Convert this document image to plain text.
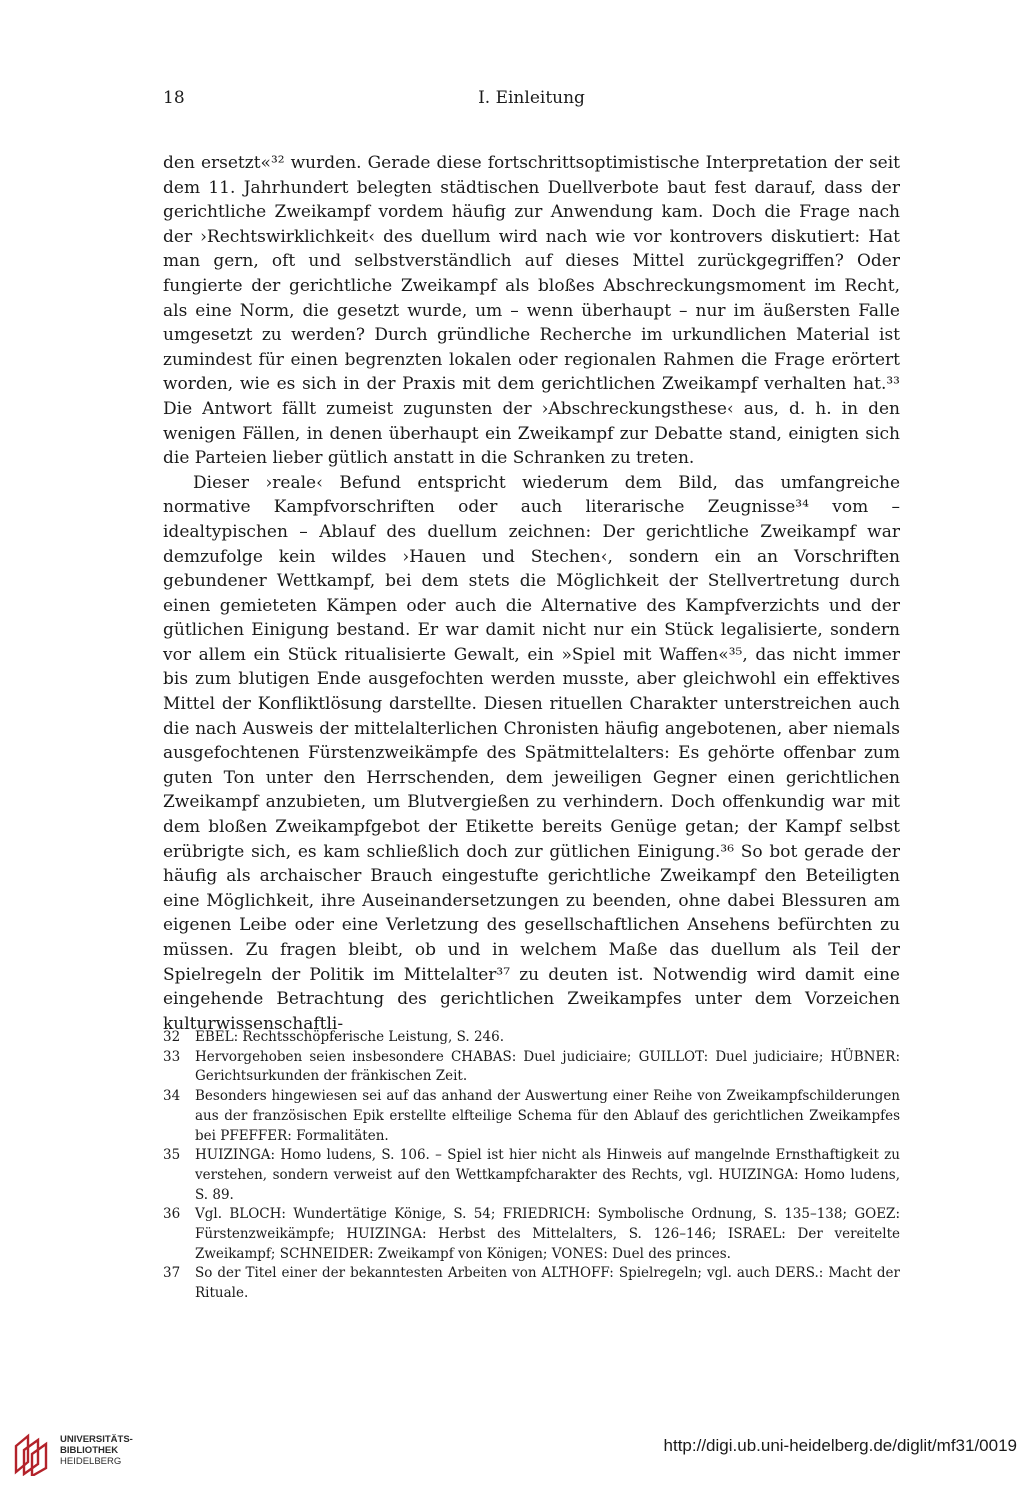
18	I. Einleitung

den ersetzt«³² wurden. Gerade diese fortschrittsoptimistische Interpretation der seit dem 11. Jahrhundert belegten städtischen Duellverbote baut fest darauf, dass der gerichtliche Zweikampf vordem häufig zur Anwendung kam. Doch die Frage nach der ›Rechtswirklichkeit‹ des duellum wird nach wie vor kontrovers diskutiert: Hat man gern, oft und selbstverständlich auf dieses Mittel zurückgegriffen? Oder fungierte der gerichtliche Zweikampf als bloßes Abschreckungsmoment im Recht, als eine Norm, die gesetzt wurde, um – wenn überhaupt – nur im äußersten Falle umgesetzt zu werden? Durch gründliche Recherche im urkundlichen Material ist zumindest für einen begrenzten lokalen oder regionalen Rahmen die Frage erörtert worden, wie es sich in der Praxis mit dem gerichtlichen Zweikampf verhalten hat.³³ Die Antwort fällt zumeist zugunsten der ›Abschreckungsthese‹ aus, d. h. in den wenigen Fällen, in denen überhaupt ein Zweikampf zur Debatte stand, einigten sich die Parteien lieber gütlich anstatt in die Schranken zu treten.

Dieser ›reale‹ Befund entspricht wiederum dem Bild, das umfangreiche normative Kampfvorschriften oder auch literarische Zeugnisse³⁴ vom – idealtypischen – Ablauf des duellum zeichnen: Der gerichtliche Zweikampf war demzufolge kein wildes ›Hauen und Stechen‹, sondern ein an Vorschriften gebundener Wettkampf, bei dem stets die Möglichkeit der Stellvertretung durch einen gemieteten Kämpen oder auch die Alternative des Kampfverzichts und der gütlichen Einigung bestand. Er war damit nicht nur ein Stück legalisierte, sondern vor allem ein Stück ritualisierte Gewalt, ein »Spiel mit Waffen«³⁵, das nicht immer bis zum blutigen Ende ausgefochten werden musste, aber gleichwohl ein effektives Mittel der Konfliktlösung darstellte. Diesen rituellen Charakter unterstreichen auch die nach Ausweis der mittelalterlichen Chronisten häufig angebotenen, aber niemals ausgefochtenen Fürstenzweikämpfe des Spätmittelalters: Es gehörte offenbar zum guten Ton unter den Herrschenden, dem jeweiligen Gegner einen gerichtlichen Zweikampf anzubieten, um Blutvergießen zu verhindern. Doch offenkundig war mit dem bloßen Zweikampfgebot der Etikette bereits Genüge getan; der Kampf selbst erübrigte sich, es kam schließlich doch zur gütlichen Einigung.³⁶ So bot gerade der häufig als archaischer Brauch eingestufte gerichtliche Zweikampf den Beteiligten eine Möglichkeit, ihre Auseinandersetzungen zu beenden, ohne dabei Blessuren am eigenen Leibe oder eine Verletzung des gesellschaftlichen Ansehens befürchten zu müssen. Zu fragen bleibt, ob und in welchem Maße das duellum als Teil der Spielregeln der Politik im Mittelalter³⁷ zu deuten ist. Notwendig wird damit eine eingehende Betrachtung des gerichtlichen Zweikampfes unter dem Vorzeichen kulturwissenschaftli-

32	EBEL: Rechtsschöpferische Leistung, S. 246.
33	Hervorgehoben seien insbesondere CHABAS: Duel judiciaire; GUILLOT: Duel judiciaire; HÜBNER: Gerichtsurkunden der fränkischen Zeit.
34	Besonders hingewiesen sei auf das anhand der Auswertung einer Reihe von Zweikampfschilderungen aus der französischen Epik erstellte elfteilige Schema für den Ablauf des gerichtlichen Zweikampfes bei PFEFFER: Formalitäten.
35	HUIZINGA: Homo ludens, S. 106. – Spiel ist hier nicht als Hinweis auf mangelnde Ernsthaftigkeit zu verstehen, sondern verweist auf den Wettkampfcharakter des Rechts, vgl. HUIZINGA: Homo ludens, S. 89.
36	Vgl. BLOCH: Wundertätige Könige, S. 54; FRIEDRICH: Symbolische Ordnung, S. 135–138; GOEZ: Fürstenzweikämpfe; HUIZINGA: Herbst des Mittelalters, S. 126–146; ISRAEL: Der vereitelte Zweikampf; SCHNEIDER: Zweikampf von Königen; VONES: Duel des princes.
37	So der Titel einer der bekanntesten Arbeiten von ALTHOFF: Spielregeln; vgl. auch DERS.: Macht der Rituale.
UNIVERSITÄTS-
BIBLIOTHEK
HEIDELBERG
http://digi.ub.uni-heidelberg.de/diglit/mf31/0019
